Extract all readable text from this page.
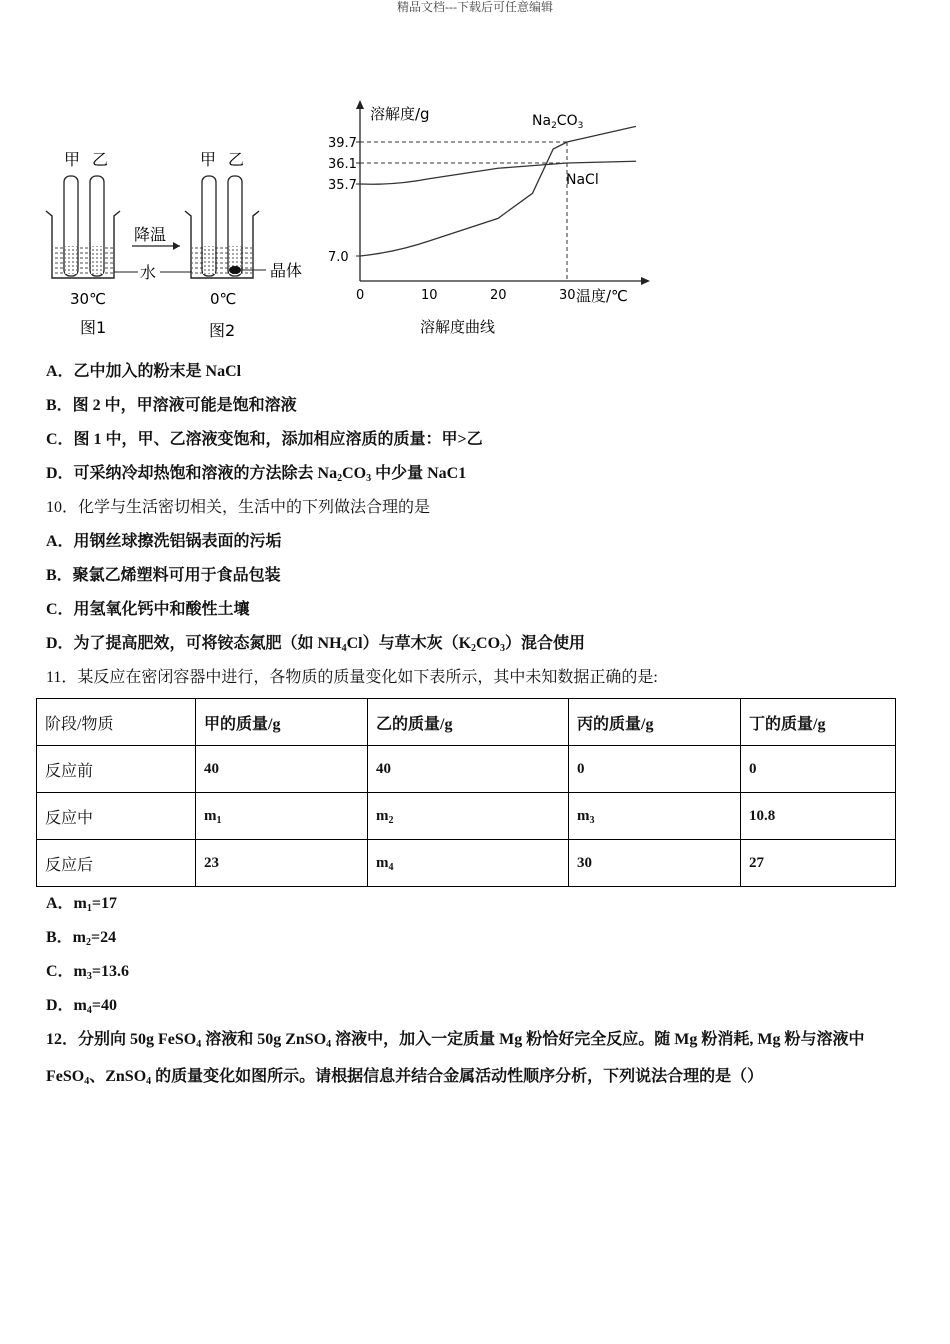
精品文档---下载后可任意编辑
甲 乙
30℃
图1
降温
水
甲 乙
晶体
0℃
图2
溶解度/g
温度/℃
溶解度曲线
0	10	20	30
7.0
35.7
36.1
39.7
$Na_2CO_3$
NaCl
A．乙中加入的粉末是 NaCl
B．图 2 中，甲溶液可能是饱和溶液
C．图 1 中，甲、乙溶液变饱和，添加相应溶质的质量：甲>乙
D．可采纳冷却热饱和溶液的方法除去 $Na_2CO_3$ 中少量 NaC1
10．化学与生活密切相关，生活中的下列做法合理的是
A．用钢丝球擦洗铝锅表面的污垢
B．聚氯乙烯塑料可用于食品包装
C．用氢氧化钙中和酸性土壤
D．为了提高肥效，可将铵态氮肥（如 $NH_4Cl$）与草木灰$(K_2CO_3)$混合使用
11．某反应在密闭容器中进行，各物质的质量变化如下表所示，其中未知数据正确的是:
阶段/物质	甲的质量/g	乙的质量/g	丙的质量/g	丁的质量/g
反应前	40	40	0	0
反应中	$m_1$	$m_2$	$m_3$	10.8
反应后	23	$m_4$	30	27
A．$m_1=17$
B．$m_2=24$
C．$m_3=13.6$
D．$m_4=40$
12．分别向 50g FeSO$_4$ 溶液和 50g ZnSO$_4$ 溶液中，加入一定质量 Mg 粉恰好完全反应。随 Mg 粉消耗, Mg 粉与溶液中
FeSO$_4$、ZnSO$_4$ 的质量变化如图所示。请根据信息并结合金属活动性顺序分析，下列说法合理的是（）
